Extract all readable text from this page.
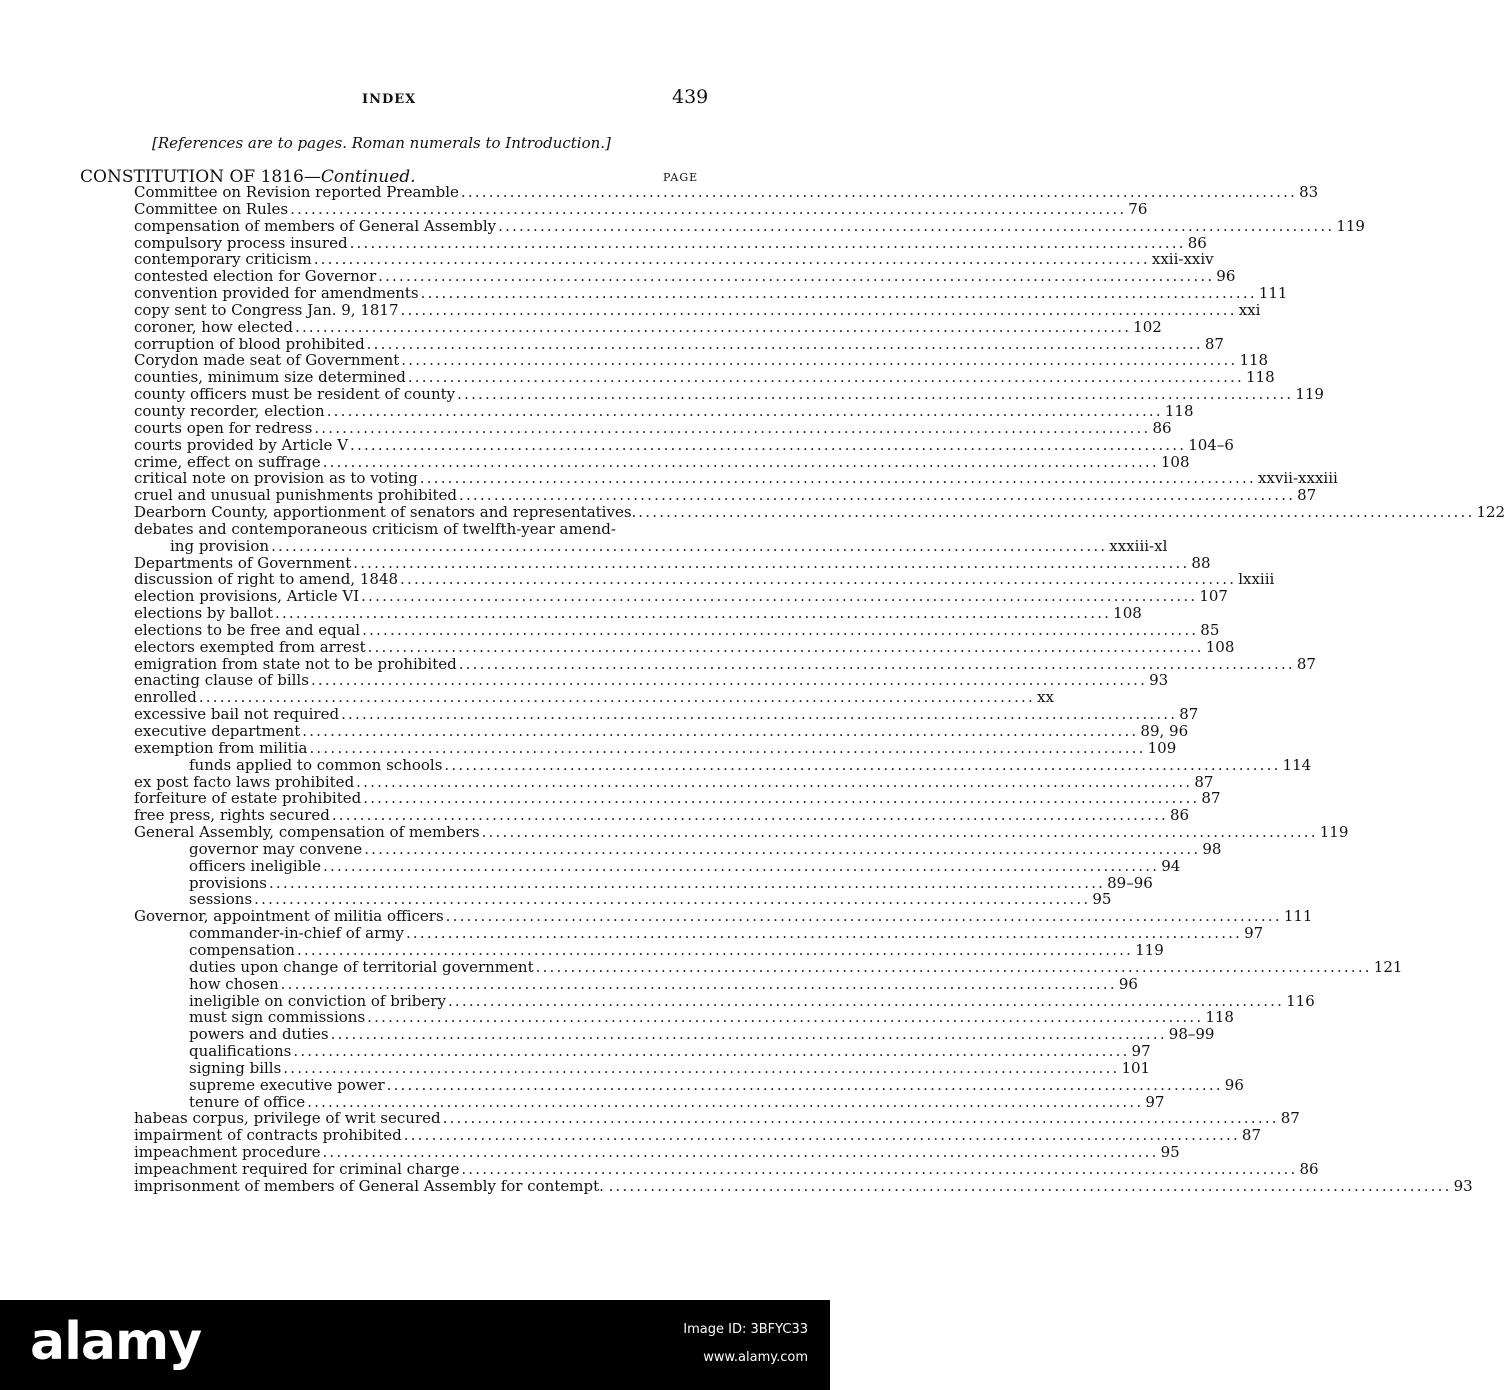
INDEX	439
[References are to pages. Roman numerals to Introduction.]
CONSTITUTION OF 1816—Continued.	PAGE
Committee on Revision reported Preamble ........................................................................................................................ 83
Committee on Rules ........................................................................................................................ 76
compensation of members of General Assembly ........................................................................................................................ 119
compulsory process insured ........................................................................................................................ 86
contemporary criticism ........................................................................................................................ xxii-xxiv
contested election for Governor ........................................................................................................................ 96
convention provided for amendments ........................................................................................................................ 111
copy sent to Congress Jan. 9, 1817 ........................................................................................................................ xxi
coroner, how elected ........................................................................................................................ 102
corruption of blood prohibited ........................................................................................................................ 87
Corydon made seat of Government ........................................................................................................................ 118
counties, minimum size determined ........................................................................................................................ 118
county officers must be resident of county ........................................................................................................................ 119
county recorder, election ........................................................................................................................ 118
courts open for redress ........................................................................................................................ 86
courts provided by Article V ........................................................................................................................ 104–6
crime, effect on suffrage ........................................................................................................................ 108
critical note on provision as to voting ........................................................................................................................ xxvii-xxxiii
cruel and unusual punishments prohibited ........................................................................................................................ 87
Dearborn County, apportionment of senators and representatives. ........................................................................................................................ 122
debates and contemporaneous criticism of twelfth-year amend-
ing provision ........................................................................................................................ xxxiii-xl
Departments of Government ........................................................................................................................ 88
discussion of right to amend, 1848 ........................................................................................................................ lxxiii
election provisions, Article VI ........................................................................................................................ 107
elections by ballot ........................................................................................................................ 108
elections to be free and equal ........................................................................................................................ 85
electors exempted from arrest ........................................................................................................................ 108
emigration from state not to be prohibited ........................................................................................................................ 87
enacting clause of bills ........................................................................................................................ 93
enrolled ........................................................................................................................ xx
excessive bail not required ........................................................................................................................ 87
executive department ........................................................................................................................ 89, 96
exemption from militia ........................................................................................................................ 109
funds applied to common schools ........................................................................................................................ 114
ex post facto laws prohibited ........................................................................................................................ 87
forfeiture of estate prohibited ........................................................................................................................ 87
free press, rights secured ........................................................................................................................ 86
General Assembly, compensation of members ........................................................................................................................ 119
governor may convene ........................................................................................................................ 98
officers ineligible ........................................................................................................................ 94
provisions ........................................................................................................................ 89–96
sessions ........................................................................................................................ 95
Governor, appointment of militia officers ........................................................................................................................ 111
commander-in-chief of army ........................................................................................................................ 97
compensation ........................................................................................................................ 119
duties upon change of territorial government ........................................................................................................................ 121
how chosen ........................................................................................................................ 96
ineligible on conviction of bribery ........................................................................................................................ 116
must sign commissions ........................................................................................................................ 118
powers and duties ........................................................................................................................ 98–99
qualifications ........................................................................................................................ 97
signing bills ........................................................................................................................ 101
supreme executive power ........................................................................................................................ 96
tenure of office ........................................................................................................................ 97
habeas corpus, privilege of writ secured ........................................................................................................................ 87
impairment of contracts prohibited ........................................................................................................................ 87
impeachment procedure ........................................................................................................................ 95
impeachment required for criminal charge ........................................................................................................................ 86
imprisonment of members of General Assembly for contempt. . ........................................................................................................................ 93
alamy	Image ID: 3BFYC33
www.alamy.com
